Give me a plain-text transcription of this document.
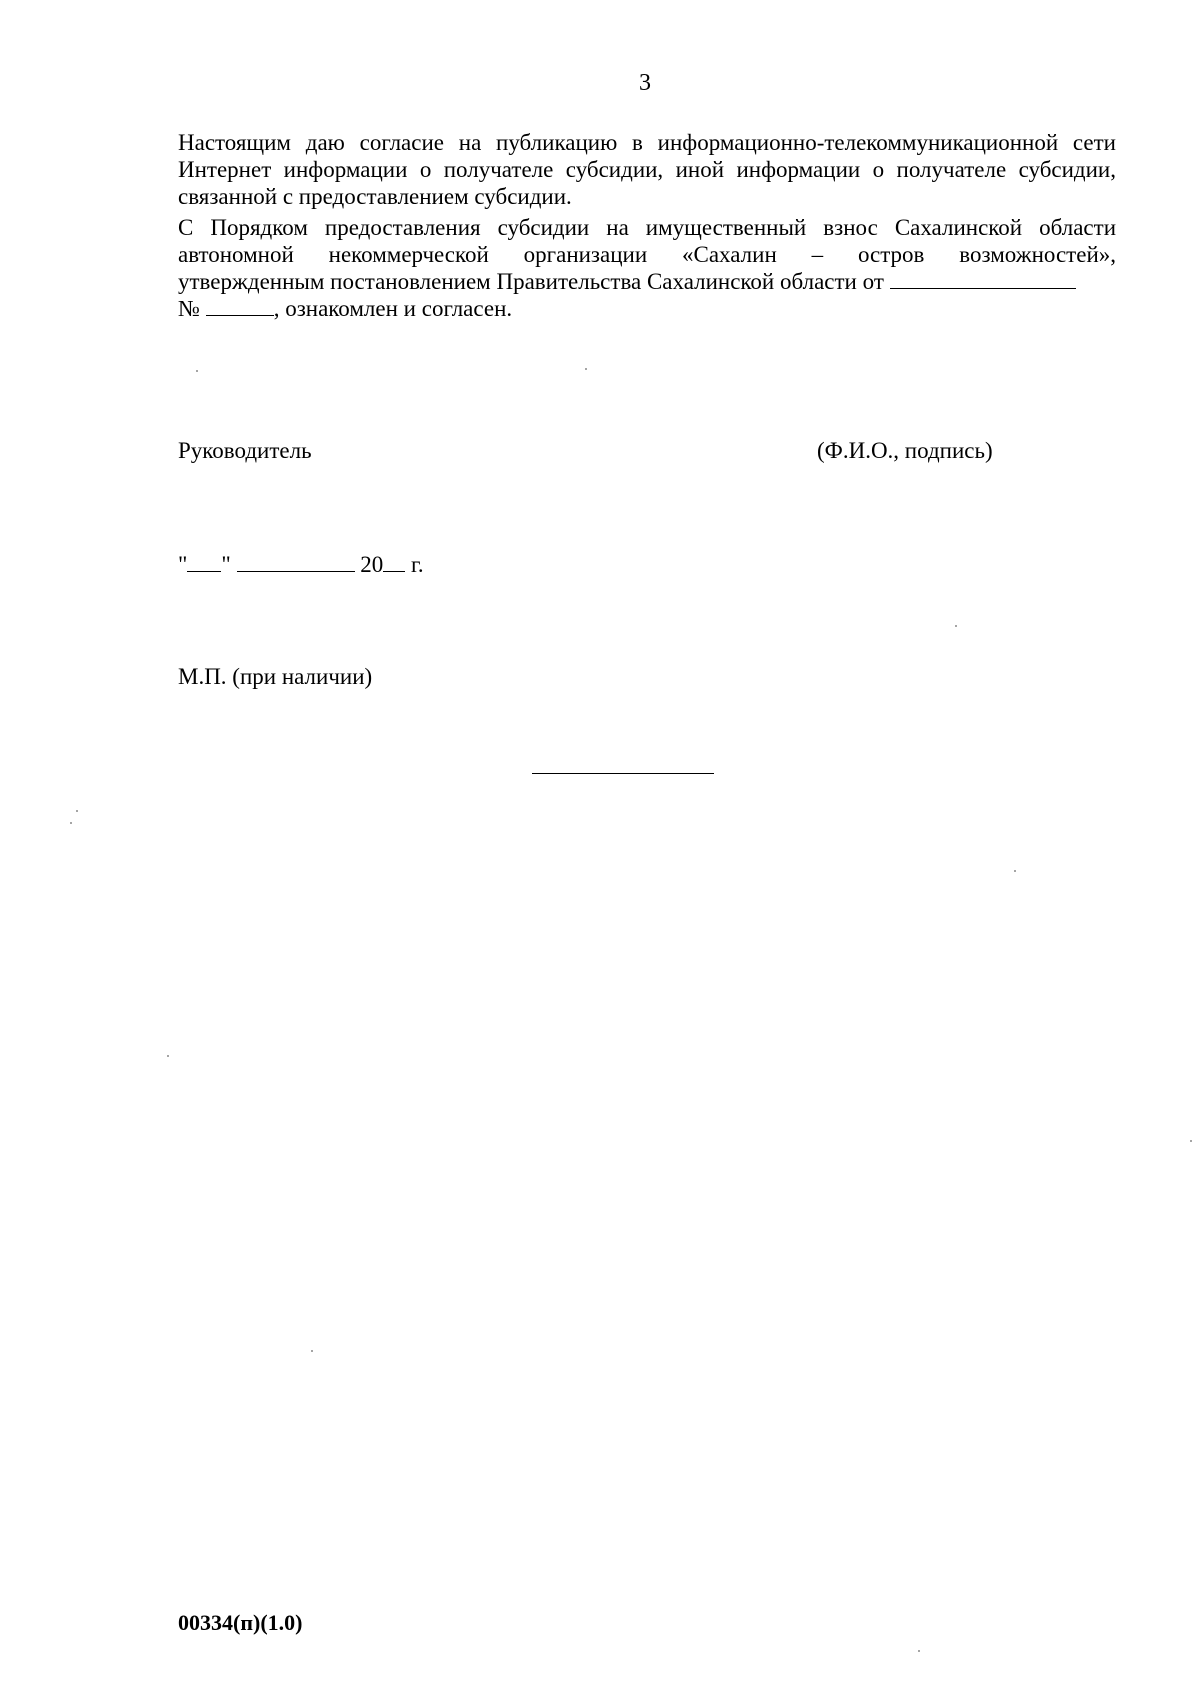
3
Настоящим даю согласие на публикацию в информационно-телекоммуникационной сети
Интернет информации о получателе субсидии, иной информации о получателе субсидии,
связанной с предоставлением субсидии.
С Порядком предоставления субсидии на имущественный взнос Сахалинской области
автономной некоммерческой организации «Сахалин – остров возможностей»,
утвержденным постановлением Правительства Сахалинской области от
№	, ознакомлен и согласен.
Руководитель	(Ф.И.О., подпись)
" "	20 г.
М.П. (при наличии)
00334(п)(1.0)
